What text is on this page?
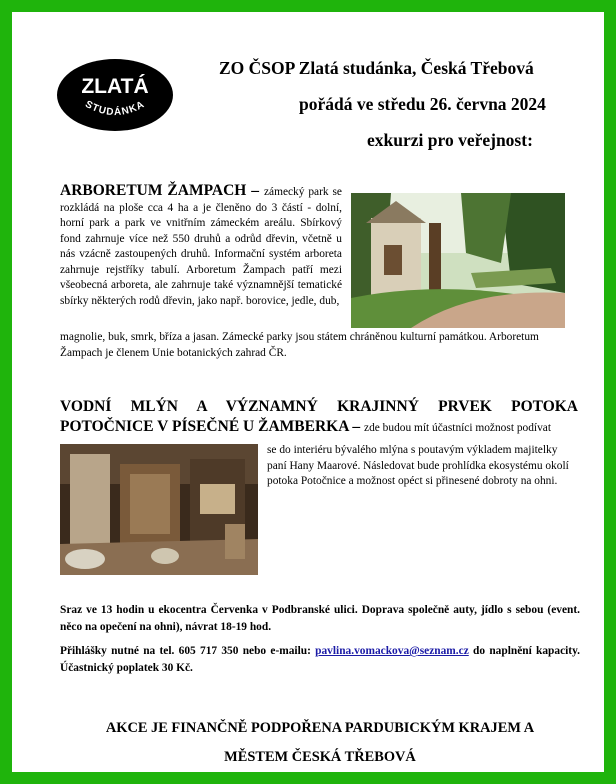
ZLATÁ
STUDÁNKA
ZO ČSOP Zlatá studánka, Česká Třebová
pořádá ve středu 26. června 2024
exkurzi pro veřejnost:
ARBORETUM ŽAMPACH – zámecký park se rozkládá na ploše cca 4 ha a je členěno do 3 částí - dolní, horní park a park ve vnitřním zámeckém areálu. Sbírkový fond zahrnuje více než 550 druhů a odrůd dřevin, včetně u nás vzácně zastoupených druhů. Informační systém arboreta zahrnuje rejstříky tabulí. Arboretum Žampach patří mezi všeobecná arboreta, ale zahrnuje také významnější tematické sbírky některých rodů dřevin, jako např. borovice, jedle, dub,
magnolie, buk, smrk, bříza a jasan. Zámecké parky jsou státem chráněnou kulturní památkou. Arboretum Žampach je členem Unie botanických zahrad ČR.
VODNÍ MLÝN A VÝZNAMNÝ KRAJINNÝ PRVEK POTOKA
POTOČNICE V PÍSEČNÉ U ŽAMBERKA – zde budou mít účastníci možnost podívat
se do interiéru bývalého mlýna s poutavým výkladem majitelky paní Hany Maarové. Následovat bude prohlídka ekosystému okolí potoka Potočnice a možnost opéct si přinesené dobroty na ohni.
Sraz ve 13 hodin u ekocentra Červenka v Podbranské ulici. Doprava společně auty, jídlo s sebou (event. něco na opečení na ohni), návrat 18-19 hod.
Přihlášky nutné na tel. 605 717 350 nebo e-mailu: pavlina.vomackova@seznam.cz do naplnění kapacity. Účastnický poplatek 30 Kč.
AKCE JE FINANČNĚ PODPOŘENA PARDUBICKÝM KRAJEM A
MĚSTEM ČESKÁ TŘEBOVÁ
